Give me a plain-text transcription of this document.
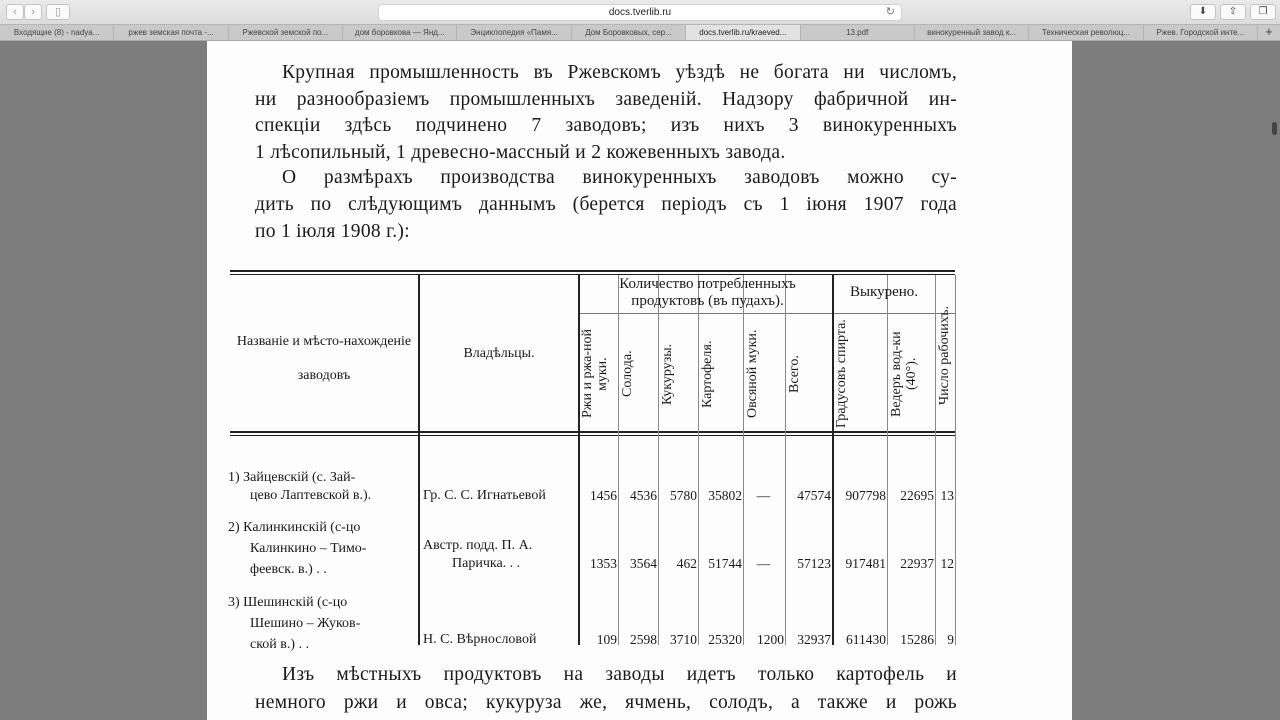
‹	›	▯	docs.tverlib.ru	↻	⬇	⇧	❐
Входящие (8) - nadya...	ржев земская почта -...	Ржевской земской по...	дом боровкова — Янд...	Энциклопедия «Памя...	Дом Боровковых, сер...	docs.tverlib.ru/kraeved...	13.pdf	винокуренный завод к...	Техническая революц...	Ржев. Городской инте...	+
Крупная промышленность въ Ржевскомъ уѣздѣ не богата ни числомъ,
ни разнообразіемъ промышленныхъ заведеній. Надзору фабричной ин-
спекціи здѣсь подчинено 7 заводовъ; изъ нихъ 3 винокуренныхъ
1 лѣсопильный, 1 древесно-массный и 2 кожевенныхъ завода.
О размѣрахъ производства винокуренныхъ заводовъ можно су-
дить по слѣдующимъ даннымъ (берется періодъ съ 1 іюня 1907 года
по 1 іюля 1908 г.):
Изъ мѣстныхъ продуктовъ на заводы идетъ только картофель и
немного ржи и овса; кукуруза же, ячмень, солодъ, а также и рожь
Названіе и мѣсто-нахожденіе заводовъ
Владѣльцы.
Количество потребленныхъ продуктовъ (въ пудахъ).
Выкурено.
Ржи и ржа-ной муки. Солода.	Кукурузы.	Картофеля.	Овсяной муки.	Всего.	Градусовъ спирта.	Ведеръ вод-ки (40°).	Число рабочихъ.
1) Зайцевскій (с. Зай-
цево Лаптевской в.).	Гр. С. С. Игнатьевой	1456 4536 5780 35802	—	47574	907798	22695 13
2) Калинкинскій (с-цо
Калинкино – Тимо-
феевск. в.) . .
Австр. подд. П. А.
Паричка. . .	1353 3564	462 51744	—	57123	917481	22937 12
3) Шешинскій (с-цо
Шешино – Жуков-
ской в.) . .	Н. С. Вѣрнословой	109 2598 3710 25320	1200 32937	611430	15286 9
